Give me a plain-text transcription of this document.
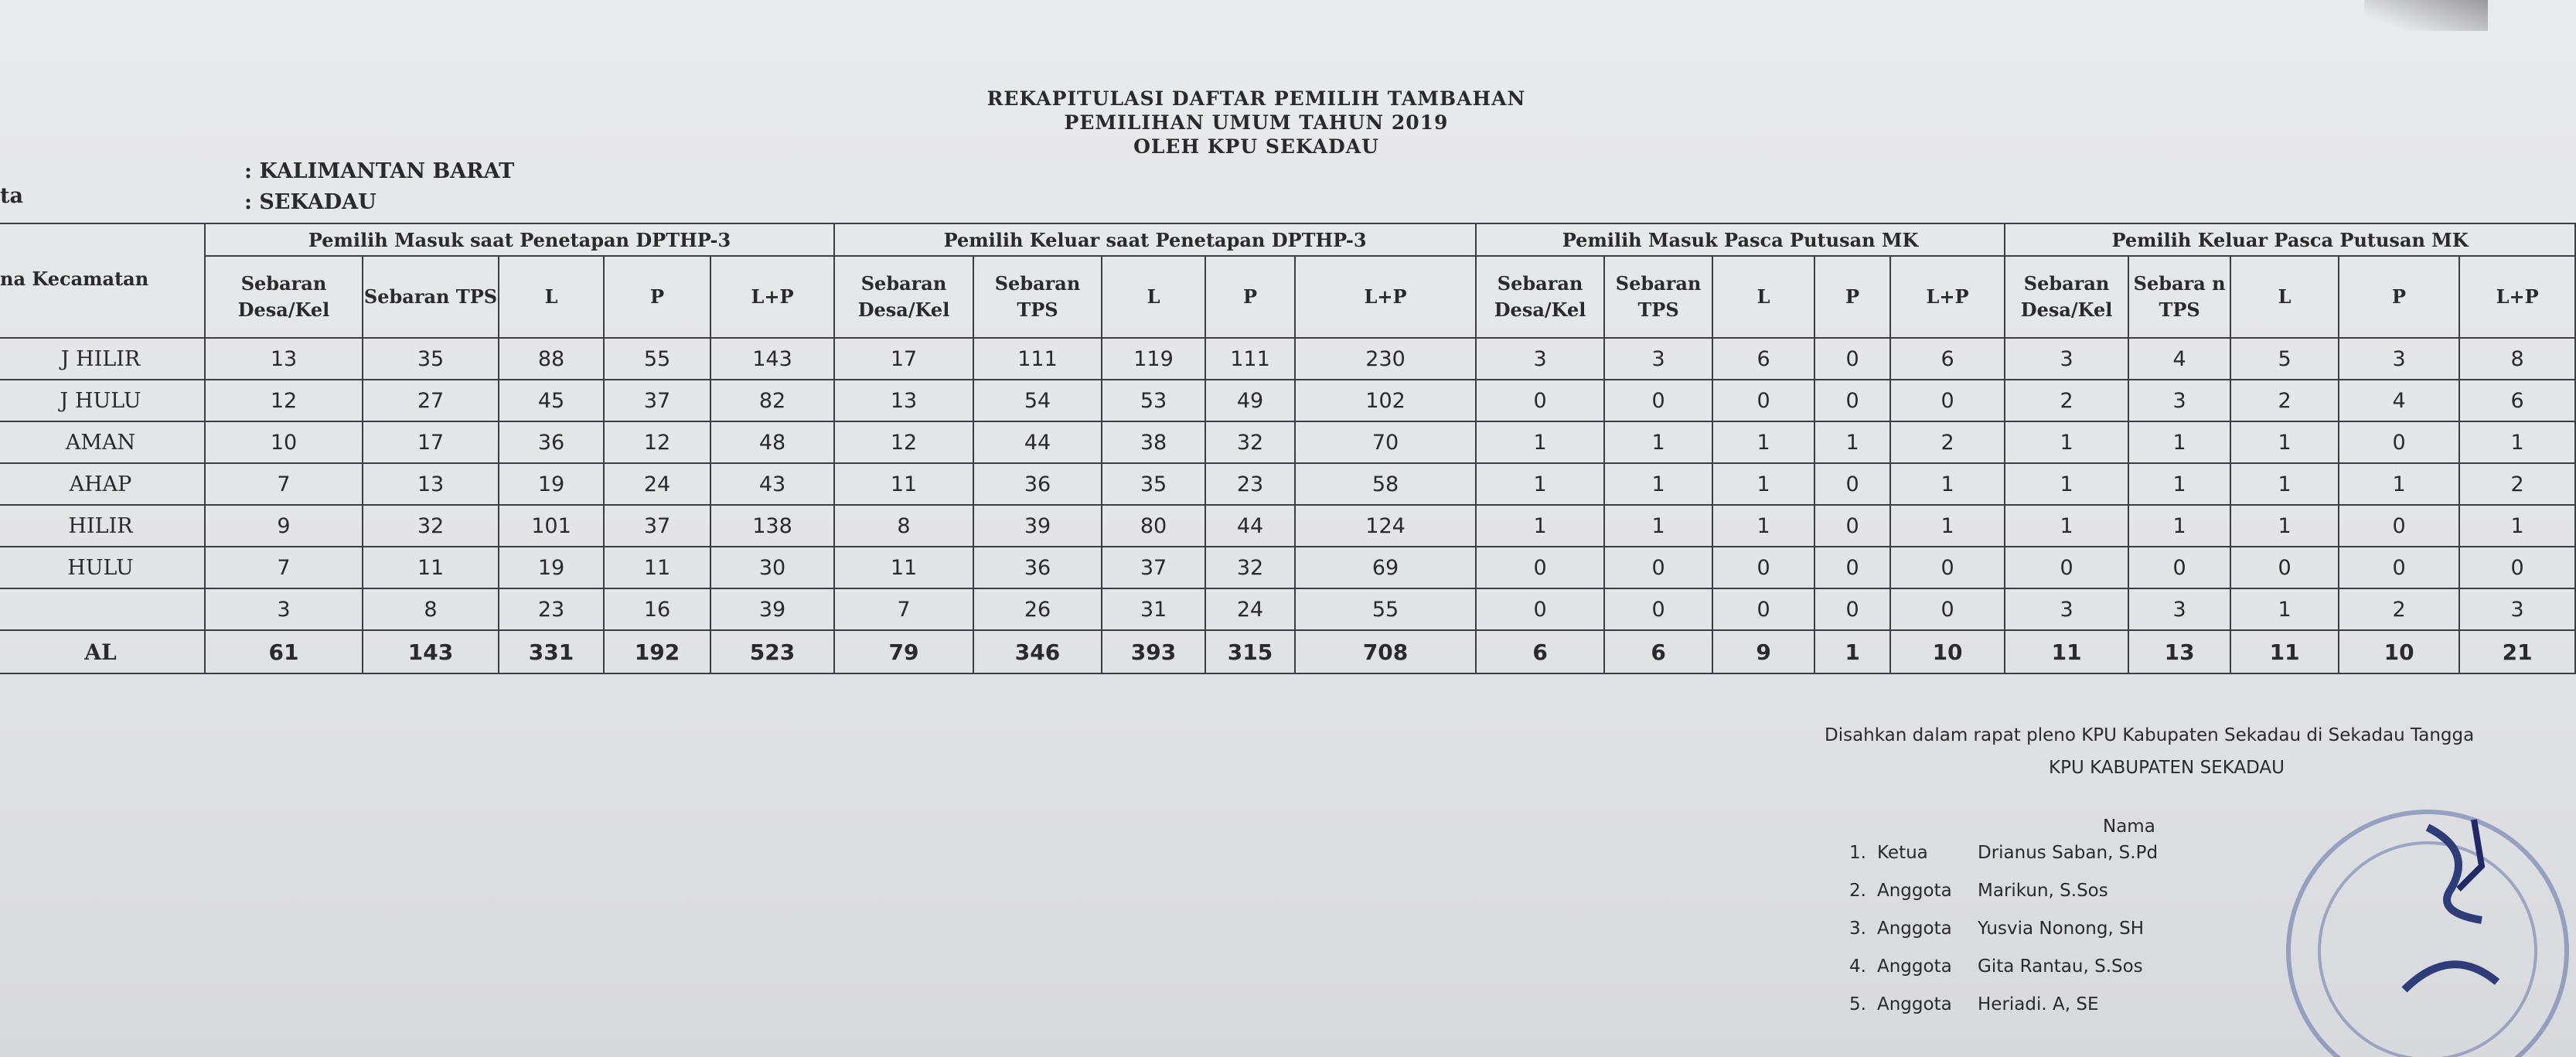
REKAPITULASI DAFTAR PEMILIH TAMBAHAN
PEMILIHAN UMUM TAHUN 2019
OLEH KPU SEKADAU
: KALIMANTAN BARAT
ta	: SEKADAU
na Kecamatan	Pemilih Masuk saat Penetapan DPTHP-3					Pemilih Keluar saat Penetapan DPTHP-3					Pemilih Masuk Pasca Putusan MK					Pemilih Keluar Pasca Putusan MK				
	Sebaran Desa/Kel	Sebaran TPS	L	P	L+P	Sebaran Desa/Kel	Sebaran TPS	L	P	L+P	Sebaran Desa/Kel	Sebaran TPS	L	P	L+P	Sebaran Desa/Kel	Sebara n TPS	L	P	L+P
J HILIR	13	35	88	55	143	17	111	119	111	230	3	3	6	0	6	3	4	5	3	8
J HULU	12	27	45	37	82	13	54	53	49	102	0	0	0	0	0	2	3	2	4	6
AMAN	10	17	36	12	48	12	44	38	32	70	1	1	1	1	2	1	1	1	0	1
AHAP	7	13	19	24	43	11	36	35	23	58	1	1	1	0	1	1	1	1	1	2
HILIR	9	32	101	37	138	8	39	80	44	124	1	1	1	0	1	1	1	1	0	1
HULU	7	11	19	11	30	11	36	37	32	69	0	0	0	0	0	0	0	0	0	0
	3	8	23	16	39	7	26	31	24	55	0	0	0	0	0	3	3	1	2	3
AL	61	143	331	192	523	79	346	393	315	708	6	6	9	1	10	11	13	11	10	21
Disahkan dalam rapat pleno KPU Kabupaten Sekadau di Sekadau Tangga
KPU KABUPATEN SEKADAU
Nama
1. Ketua	Drianus Saban, S.Pd
2. Anggota	Marikun, S.Sos
3. Anggota	Yusvia Nonong, SH
4. Anggota	Gita Rantau, S.Sos
5. Anggota	Heriadi. A, SE
